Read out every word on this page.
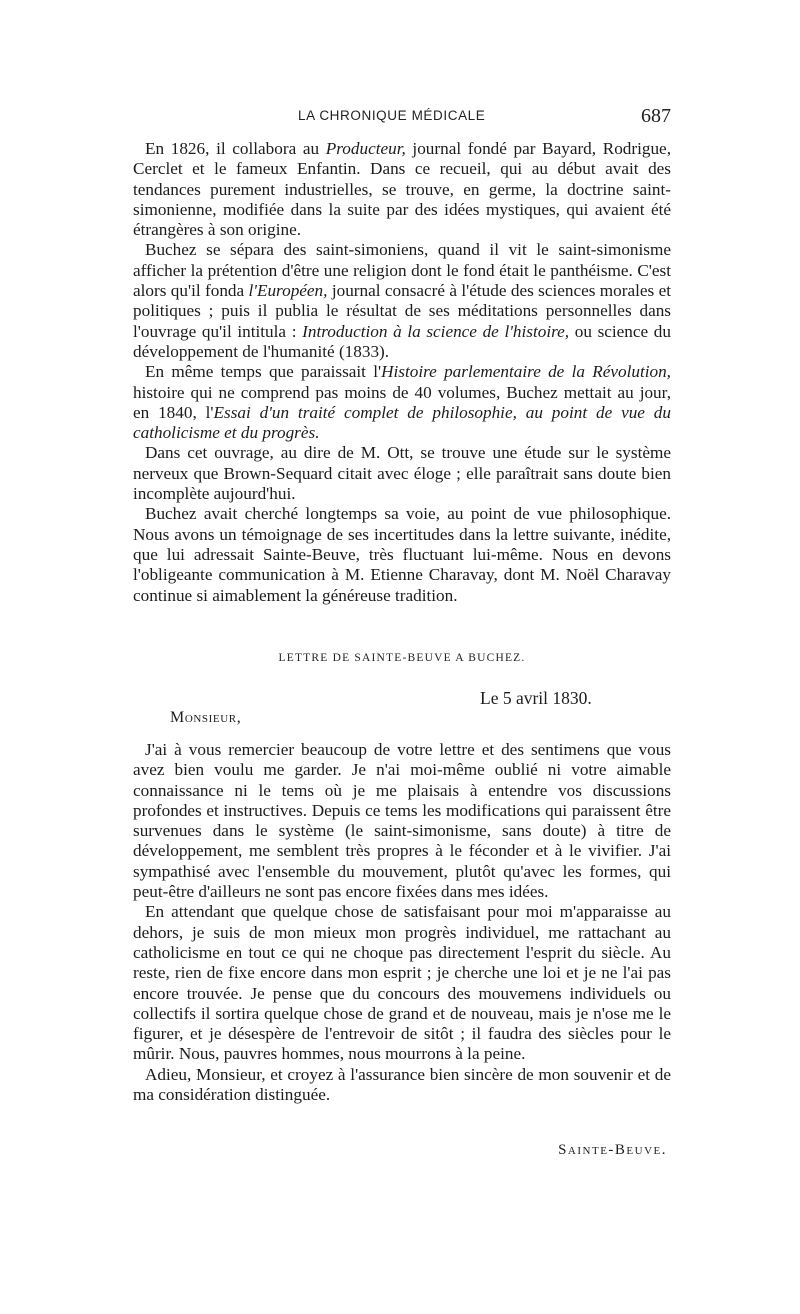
LA CHRONIQUE MÉDICALE	687

En 1826, il collabora au Producteur, journal fondé par Bayard, Rodrigue, Cerclet et le fameux Enfantin. Dans ce recueil, qui au début avait des tendances purement industrielles, se trouve, en germe, la doctrine saint-simonienne, modifiée dans la suite par des idées mystiques, qui avaient été étrangères à son origine.

Buchez se sépara des saint-simoniens, quand il vit le saint-simonisme afficher la prétention d'être une religion dont le fond était le panthéisme. C'est alors qu'il fonda l'Européen, journal consacré à l'étude des sciences morales et politiques ; puis il publia le résultat de ses méditations personnelles dans l'ouvrage qu'il intitula : Introduction à la science de l'histoire, ou science du développement de l'humanité (1833).

En même temps que paraissait l'Histoire parlementaire de la Révolution, histoire qui ne comprend pas moins de 40 volumes, Buchez mettait au jour, en 1840, l'Essai d'un traité complet de philosophie, au point de vue du catholicisme et du progrès.

Dans cet ouvrage, au dire de M. Ott, se trouve une étude sur le système nerveux que Brown-Sequard citait avec éloge ; elle paraîtrait sans doute bien incomplète aujourd'hui.

Buchez avait cherché longtemps sa voie, au point de vue philosophique. Nous avons un témoignage de ses incertitudes dans la lettre suivante, inédite, que lui adressait Sainte-Beuve, très fluctuant lui-même. Nous en devons l'obligeante communication à M. Etienne Charavay, dont M. Noël Charavay continue si aimablement la généreuse tradition.

LETTRE DE SAINTE-BEUVE A BUCHEZ.
Le 5 avril 1830.
Monsieur,

J'ai à vous remercier beaucoup de votre lettre et des sentimens que vous avez bien voulu me garder. Je n'ai moi-même oublié ni votre aimable connaissance ni le tems où je me plaisais à entendre vos discussions profondes et instructives. Depuis ce tems les modifications qui paraissent être survenues dans le système (le saint-simonisme, sans doute) à titre de développement, me semblent très propres à le féconder et à le vivifier. J'ai sympathisé avec l'ensemble du mouvement, plutôt qu'avec les formes, qui peut-être d'ailleurs ne sont pas encore fixées dans mes idées.

En attendant que quelque chose de satisfaisant pour moi m'apparaisse au dehors, je suis de mon mieux mon progrès individuel, me rattachant au catholicisme en tout ce qui ne choque pas directement l'esprit du siècle. Au reste, rien de fixe encore dans mon esprit ; je cherche une loi et je ne l'ai pas encore trouvée. Je pense que du concours des mouvemens individuels ou collectifs il sortira quelque chose de grand et de nouveau, mais je n'ose me le figurer, et je désespère de l'entrevoir de sitôt ; il faudra des siècles pour le mûrir. Nous, pauvres hommes, nous mourrons à la peine.

Adieu, Monsieur, et croyez à l'assurance bien sincère de mon souvenir et de ma considération distinguée.

Sainte-Beuve.
